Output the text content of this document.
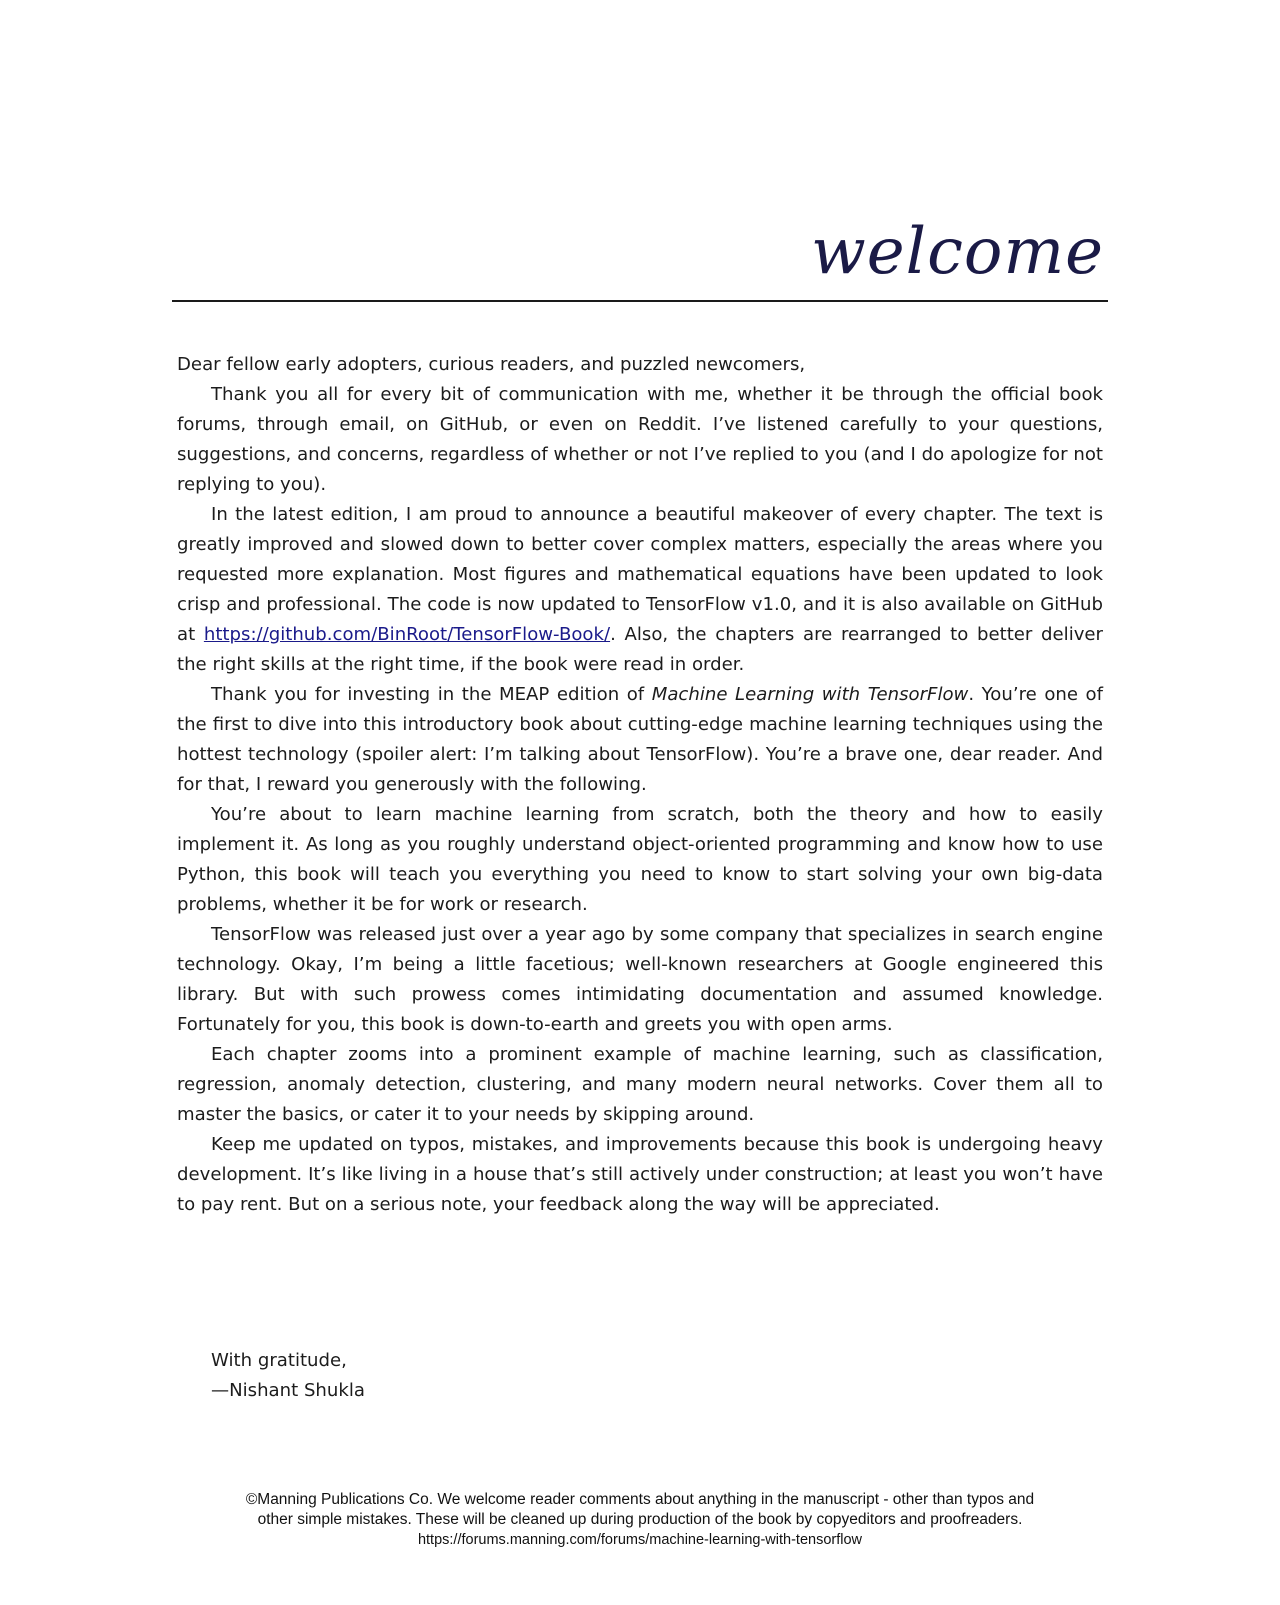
welcome

Dear fellow early adopters, curious readers, and puzzled newcomers,

Thank you all for every bit of communication with me, whether it be through the official book forums, through email, on GitHub, or even on Reddit. I’ve listened carefully to your questions, suggestions, and concerns, regardless of whether or not I’ve replied to you (and I do apologize for not replying to you).

In the latest edition, I am proud to announce a beautiful makeover of every chapter. The text is greatly improved and slowed down to better cover complex matters, especially the areas where you requested more explanation. Most figures and mathematical equations have been updated to look crisp and professional. The code is now updated to TensorFlow v1.0, and it is also available on GitHub at https://github.com/BinRoot/TensorFlow-Book/. Also, the chapters are rearranged to better deliver the right skills at the right time, if the book were read in order.

Thank you for investing in the MEAP edition of Machine Learning with TensorFlow. You’re one of the first to dive into this introductory book about cutting-edge machine learning techniques using the hottest technology (spoiler alert: I’m talking about TensorFlow). You’re a brave one, dear reader. And for that, I reward you generously with the following.

You’re about to learn machine learning from scratch, both the theory and how to easily implement it. As long as you roughly understand object-oriented programming and know how to use Python, this book will teach you everything you need to know to start solving your own big-data problems, whether it be for work or research.

TensorFlow was released just over a year ago by some company that specializes in search engine technology. Okay, I’m being a little facetious; well-known researchers at Google engineered this library. But with such prowess comes intimidating documentation and assumed knowledge. Fortunately for you, this book is down-to-earth and greets you with open arms.

Each chapter zooms into a prominent example of machine learning, such as classification, regression, anomaly detection, clustering, and many modern neural networks. Cover them all to master the basics, or cater it to your needs by skipping around.

Keep me updated on typos, mistakes, and improvements because this book is undergoing heavy development. It’s like living in a house that’s still actively under construction; at least you won’t have to pay rent. But on a serious note, your feedback along the way will be appreciated.

With gratitude,
—Nishant Shukla
©Manning Publications Co. We welcome reader comments about anything in the manuscript - other than typos and
other simple mistakes. These will be cleaned up during production of the book by copyeditors and proofreaders.
https://forums.manning.com/forums/machine-learning-with-tensorflow
